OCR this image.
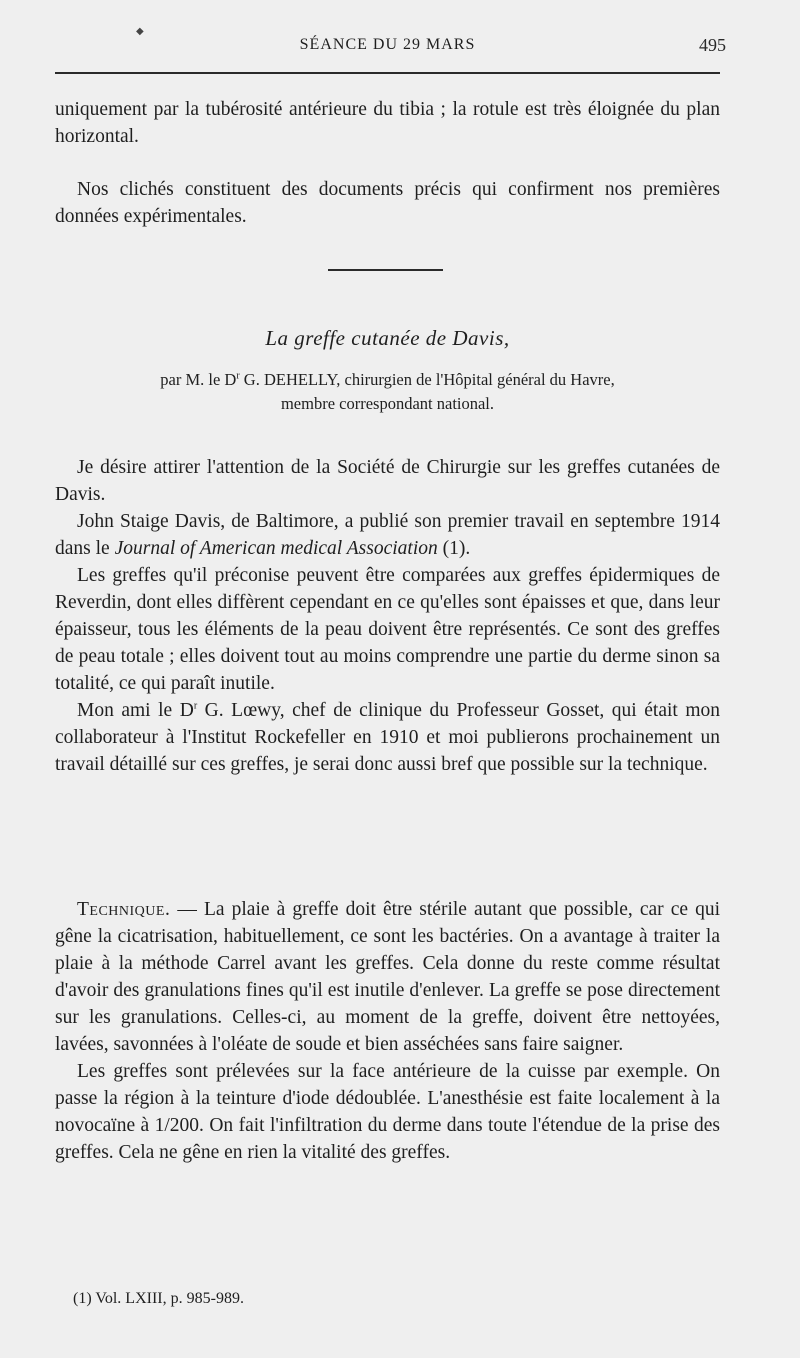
◆
SÉANCE DU 29 MARS	495

uniquement par la tubérosité antérieure du tibia ; la rotule est très éloignée du plan horizontal.

Nos clichés constituent des documents précis qui confirment nos premières données expérimentales.

La greffe cutanée de Davis,
par M. le $D^r$ G. DEHELLY, chirurgien de l'Hôpital général du Havre,
membre correspondant national.

Je désire attirer l'attention de la Société de Chirurgie sur les greffes cutanées de Davis.

John Staige Davis, de Baltimore, a publié son premier travail en septembre 1914 dans le Journal of American medical Association (1).

Les greffes qu'il préconise peuvent être comparées aux greffes épidermiques de Reverdin, dont elles diffèrent cependant en ce qu'elles sont épaisses et que, dans leur épaisseur, tous les éléments de la peau doivent être représentés. Ce sont des greffes de peau totale ; elles doivent tout au moins comprendre une partie du derme sinon sa totalité, ce qui paraît inutile.

Mon ami le $D^r$ G. Lœwy, chef de clinique du Professeur Gosset, qui était mon collaborateur à l'Institut Rockefeller en 1910 et moi publierons prochainement un travail détaillé sur ces greffes, je serai donc aussi bref que possible sur la technique.

Technique. — La plaie à greffe doit être stérile autant que possible, car ce qui gêne la cicatrisation, habituellement, ce sont les bactéries. On a avantage à traiter la plaie à la méthode Carrel avant les greffes. Cela donne du reste comme résultat d'avoir des granulations fines qu'il est inutile d'enlever. La greffe se pose directement sur les granulations. Celles-ci, au moment de la greffe, doivent être nettoyées, lavées, savonnées à l'oléate de soude et bien asséchées sans faire saigner.

Les greffes sont prélevées sur la face antérieure de la cuisse par exemple. On passe la région à la teinture d'iode dédoublée. L'anesthésie est faite localement à la novocaïne à 1/200. On fait l'infiltration du derme dans toute l'étendue de la prise des greffes. Cela ne gêne en rien la vitalité des greffes.

(1) Vol. LXIII, p. 985-989.
